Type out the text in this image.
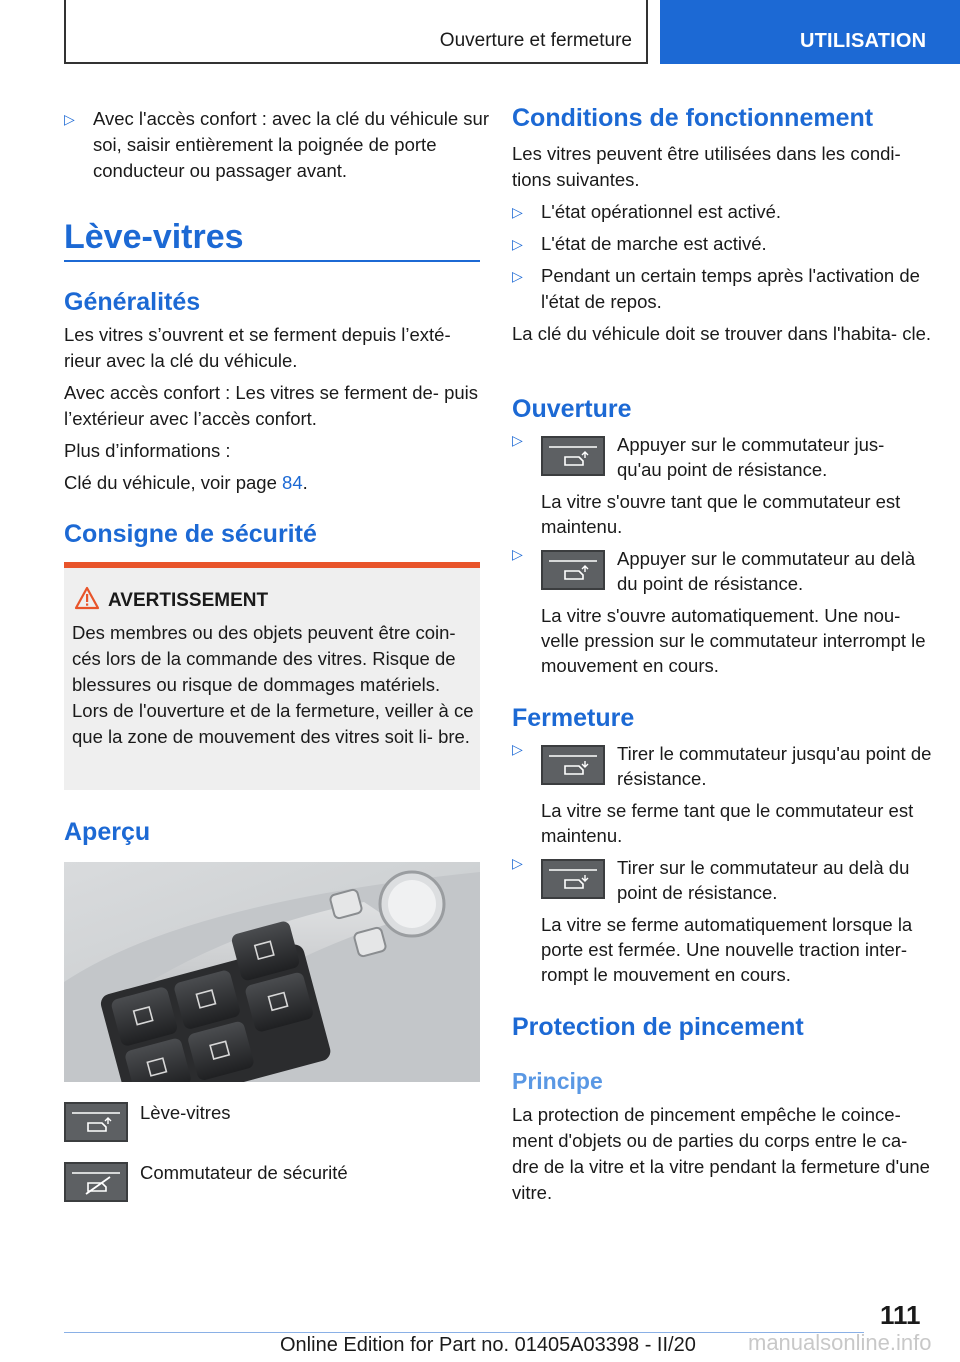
Ouverture et fermeture	UTILISATION
▷ Avec l'accès confort : avec la clé du véhicule sur soi, saisir entièrement la poignée de porte conducteur ou passager avant.

Lève-vitres
Généralités

Les vitres s’ouvrent et se ferment depuis l’exté- rieur avec la clé du véhicule.

Avec accès confort : Les vitres se ferment de- puis l’extérieur avec l’accès confort.

Plus d’informations :

Clé du véhicule, voir page 84.

Consigne de sécurité
AVERTISSEMENT
Des membres ou des objets peuvent être coin- cés lors de la commande des vitres. Risque de blessures ou risque de dommages matériels. Lors de l'ouverture et de la fermeture, veiller à ce que la zone de mouvement des vitres soit li- bre.
Aperçu
Lève-vitres
Commutateur de sécurité
Conditions de fonctionnement

Les vitres peuvent être utilisées dans les condi- tions suivantes.

▷ L'état opérationnel est activé.

▷ L'état de marche est activé.

▷ Pendant un certain temps après l'activation de l'état de repos.

La clé du véhicule doit se trouver dans l'habita- cle.

Ouverture
▷	Appuyer sur le commutateur jus- qu'au point de résistance.

La vitre s'ouvre tant que le commutateur est maintenu.

▷	Appuyer sur le commutateur au delà du point de résistance.

La vitre s'ouvre automatiquement. Une nou- velle pression sur le commutateur interrompt le mouvement en cours.

Fermeture
▷	Tirer le commutateur jusqu'au point de résistance.

La vitre se ferme tant que le commutateur est maintenu.

▷	Tirer sur le commutateur au delà du point de résistance.

La vitre se ferme automatiquement lorsque la porte est fermée. Une nouvelle traction inter- rompt le mouvement en cours.

Protection de pincement
Principe

La protection de pincement empêche le coince- ment d'objets ou de parties du corps entre le ca- dre de la vitre et la vitre pendant la fermeture d'une vitre.

111
manualsonline.info
Online Edition for Part no. 01405A03398 - II/20
